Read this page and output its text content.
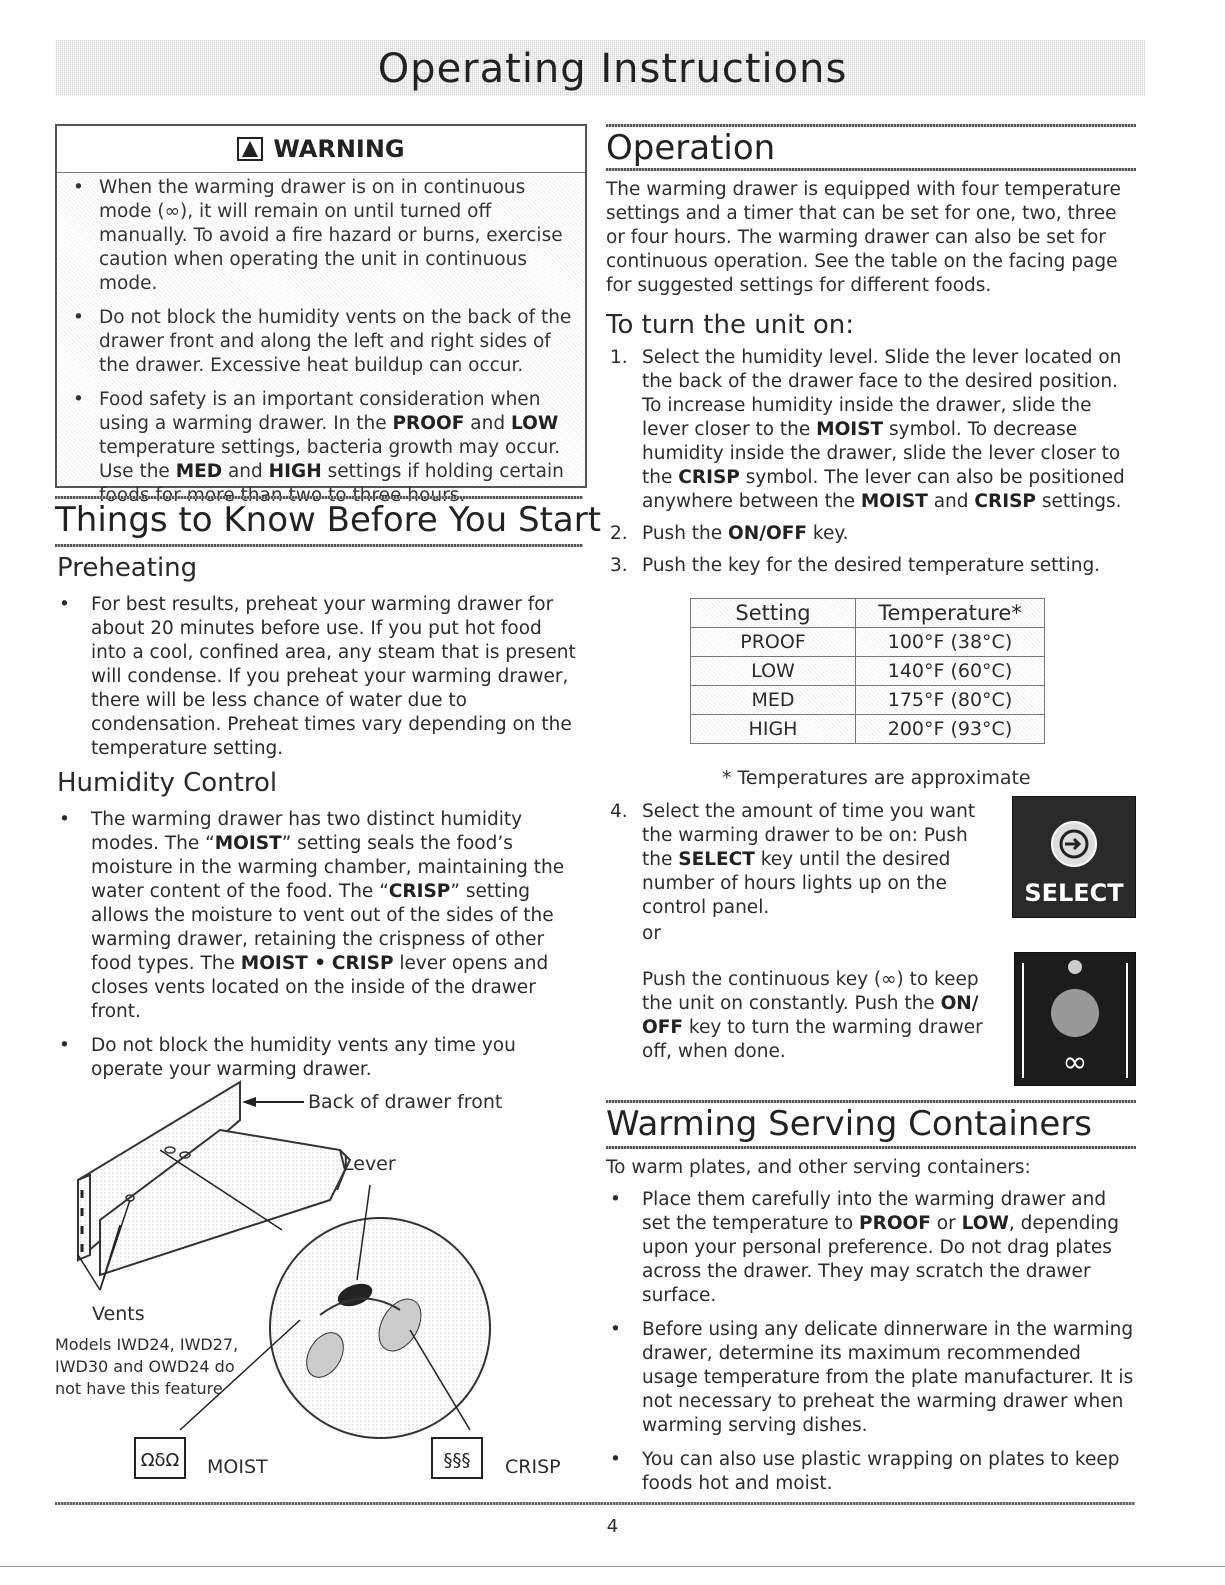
Operating Instructions
WARNING
• When the warming drawer is on in continuous mode (∞), it will remain on until turned off manually. To avoid a fire hazard or burns, exercise caution when operating the unit in continuous mode.
• Do not block the humidity vents on the back of the drawer front and along the left and right sides of the drawer. Excessive heat buildup can occur.
• Food safety is an important consideration when using a warming drawer. In the PROOF and LOW temperature settings, bacteria growth may occur. Use the MED and HIGH settings if holding certain
Things to Know Before You Start
Preheating
• For best results, preheat your warming drawer for about 20 minutes before use. If you put hot food into a cool, confined area, any steam that is present will condense. If you preheat your warming drawer, there will be less chance of water due to condensation. Preheat times vary depending on the temperature setting.
Humidity Control
• The warming drawer has two distinct humidity modes. The “MOIST” setting seals the food’s moisture in the warming chamber, maintaining the water content of the food. The “CRISP” setting allows the moisture to vent out of the sides of the warming drawer, retaining the crispness of other food types. The MOIST • CRISP lever opens and closes vents located on the inside of the drawer front.
• Do not block the humidity vents any time you operate your warming drawer.
ΩδΩ	§§§
Back of drawer front
Lever
Vents
Models IWD24, IWD27,
IWD30 and OWD24 do
not have this feature
MOIST	CRISP
Operation
The warming drawer is equipped with four temperature settings and a timer that can be set for one, two, three or four hours. The warming drawer can also be set for continuous operation. See the table on the facing page for suggested settings for different foods.
To turn the unit on:
1. Select the humidity level. Slide the lever located on the back of the drawer face to the desired position. To increase humidity inside the drawer, slide the lever closer to the MOIST symbol. To decrease humidity inside the drawer, slide the lever closer to the CRISP symbol. The lever can also be positioned anywhere between the MOIST and CRISP settings.
2. Push the ON/OFF key.
3. Push the key for the desired temperature setting.
Setting	Temperature*
PROOF	100°F (38°C)
LOW	140°F (60°C)
MED	175°F (80°C)
HIGH	200°F (93°C)
* Temperatures are approximate
4. Select the amount of time you want the warming drawer to be on: Push the SELECT key until the desired number of hours lights up on the control panel.
or
Push the continuous key (∞) to keep the unit on constantly. Push the ON/ OFF key to turn the warming drawer off, when done.
SELECT
∞
Warming Serving Containers
To warm plates, and other serving containers:
• Place them carefully into the warming drawer and set the temperature to PROOF or LOW, depending upon your personal preference. Do not drag plates across the drawer. They may scratch the drawer surface.
• Before using any delicate dinnerware in the warming drawer, determine its maximum recommended usage temperature from the plate manufacturer. It is not necessary to preheat the warming drawer when warming serving dishes.
• You can also use plastic wrapping on plates to keep foods hot and moist.
4
